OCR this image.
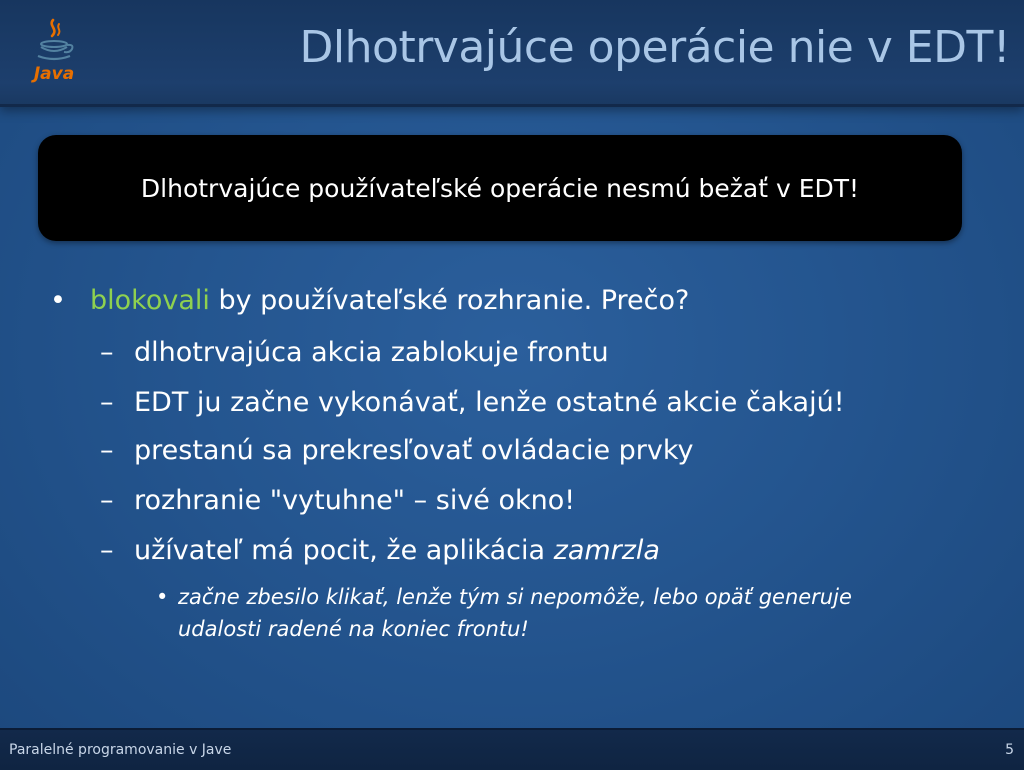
Java
Dlhotrvajúce operácie nie v EDT!
Dlhotrvajúce používateľské operácie nesmú bežať v EDT!
• blokovali by používateľské rozhranie. Prečo?
– dlhotrvajúca akcia zablokuje frontu
– EDT ju začne vykonávať, lenže ostatné akcie čakajú!
– prestanú sa prekresľovať ovládacie prvky
– rozhranie "vytuhne" – sivé okno!
– užívateľ má pocit, že aplikácia zamrzla
• začne zbesilo klikať, lenže tým si nepomôže, lebo opäť generuje
udalosti radené na koniec frontu!
Paralelné programovanie v Jave	5
